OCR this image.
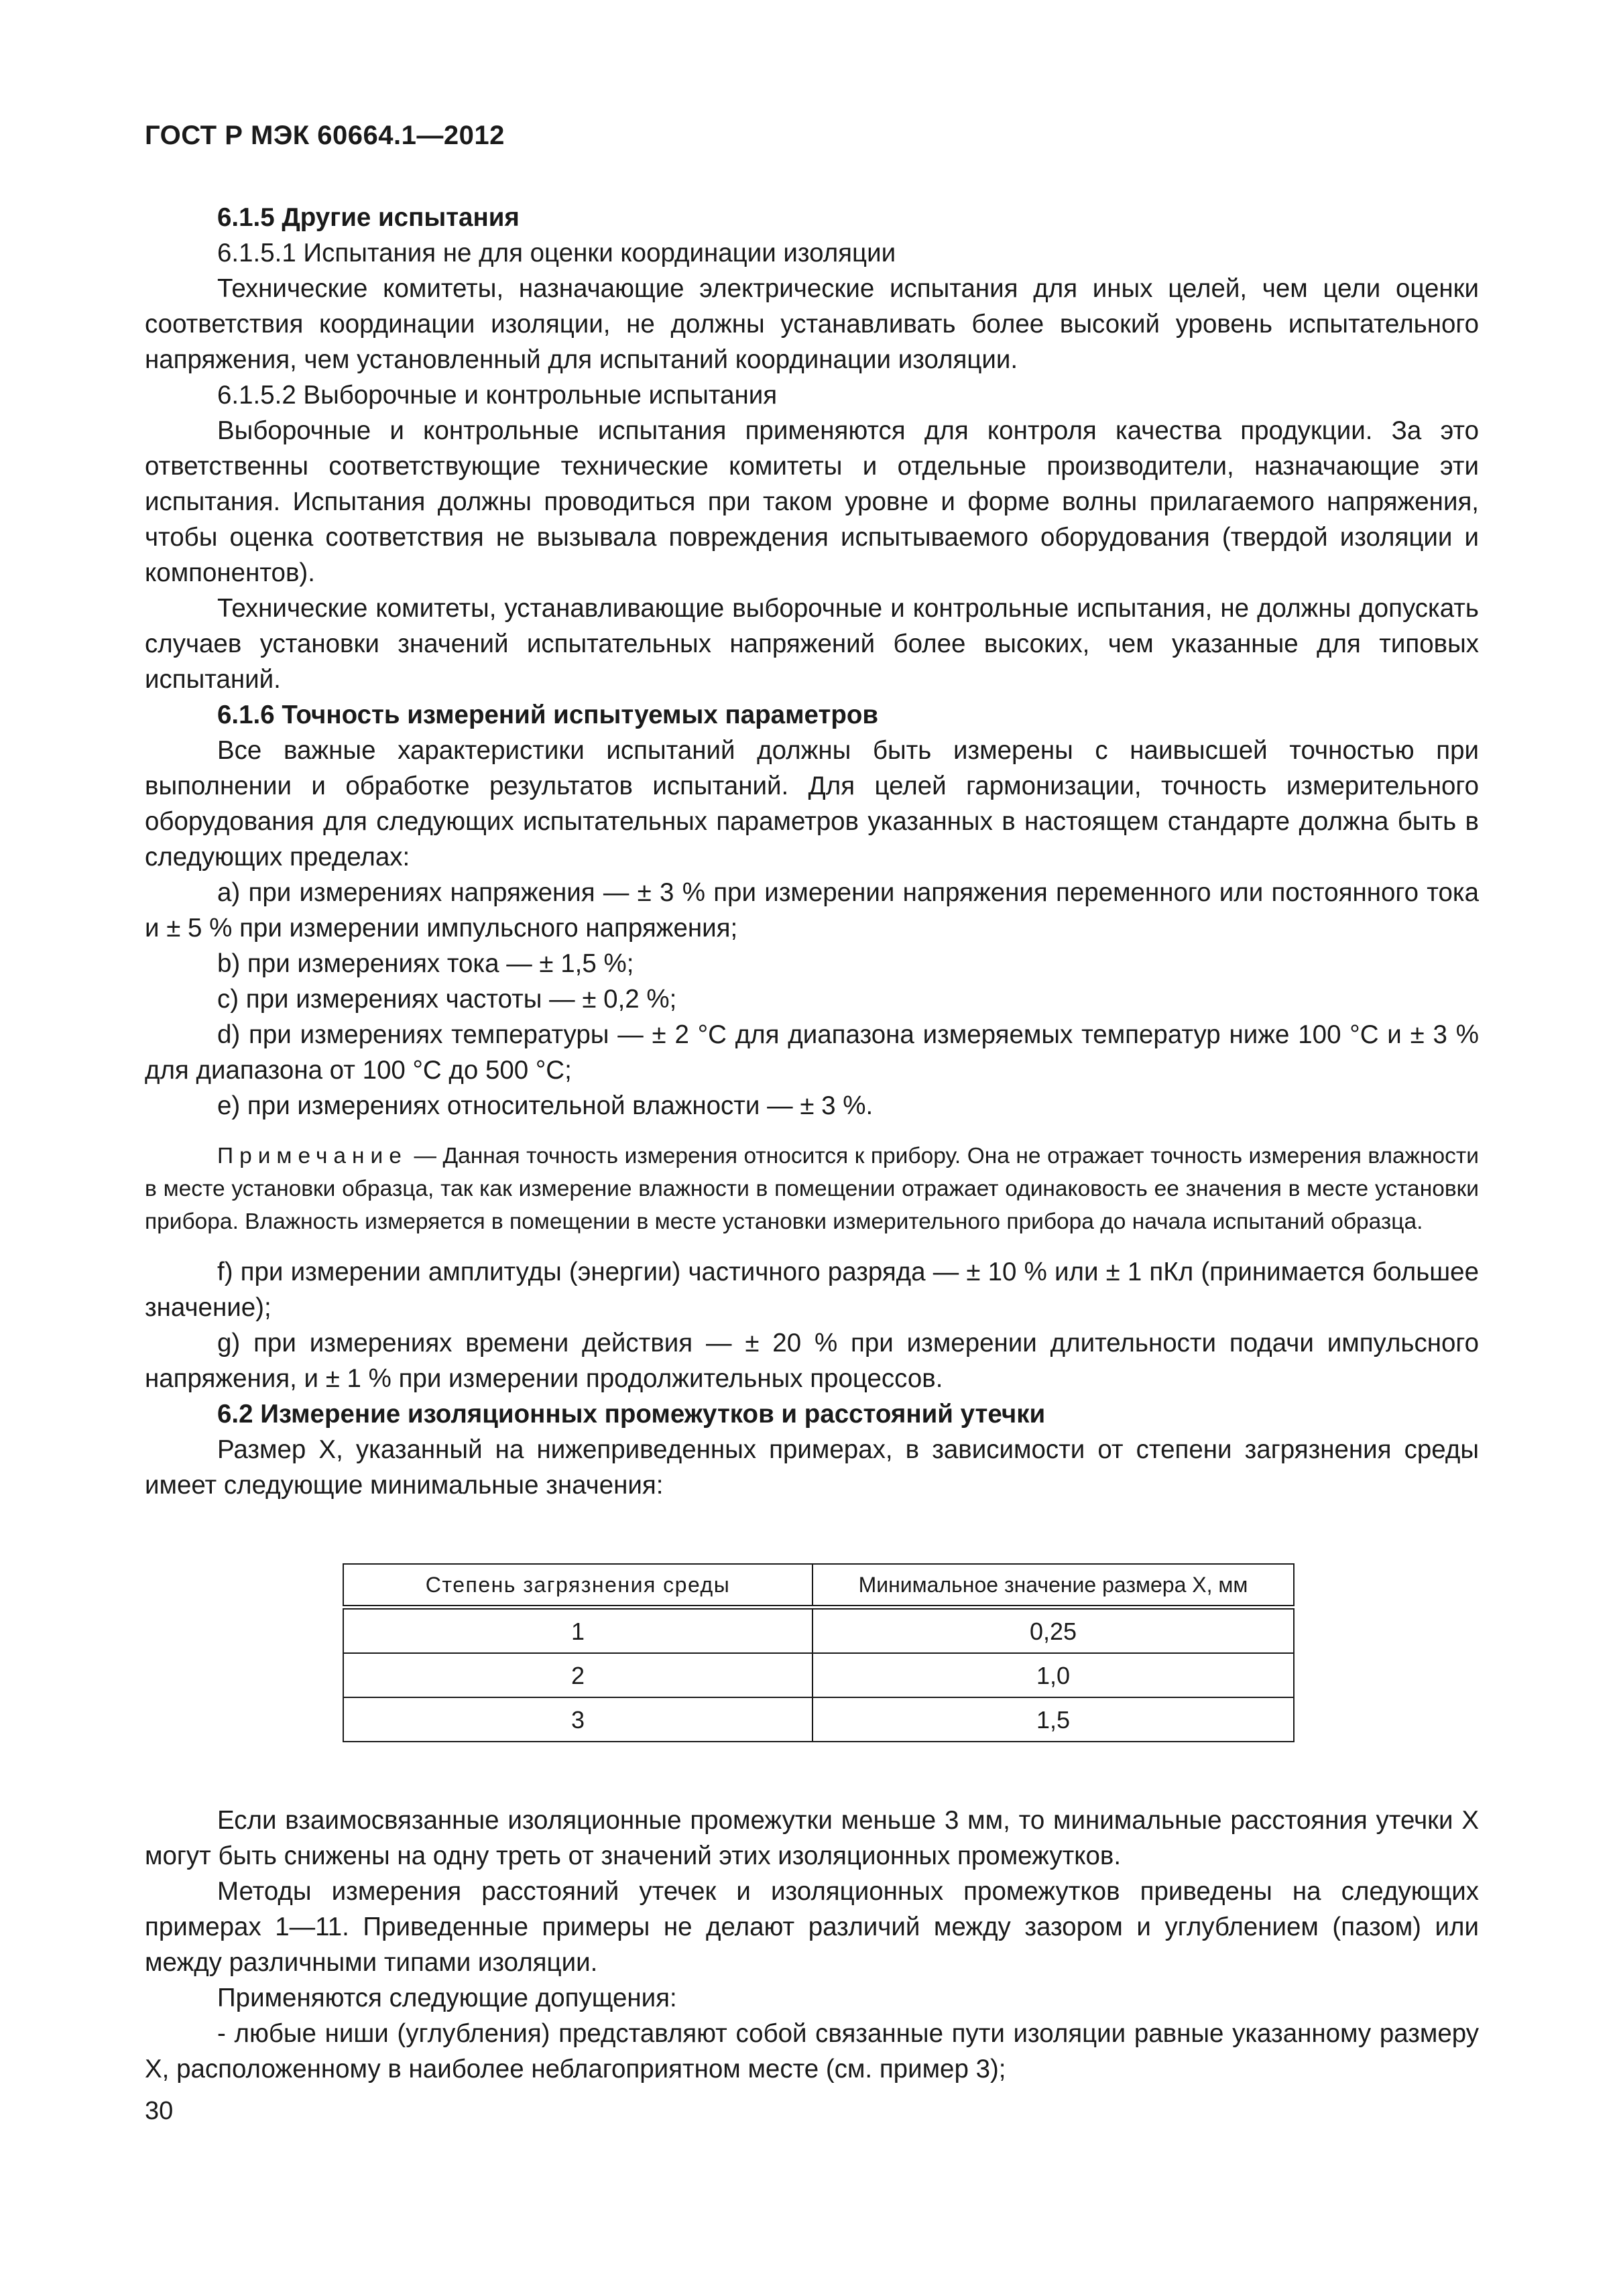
ГОСТ Р МЭК 60664.1—2012

6.1.5 Другие испытания

6.1.5.1 Испытания не для оценки координации изоляции

Технические комитеты, назначающие электрические испытания для иных целей, чем цели оценки соответствия координации изоляции, не должны устанавливать более высокий уровень испытательного напряжения, чем установленный для испытаний координации изоляции.

6.1.5.2 Выборочные и контрольные испытания

Выборочные и контрольные испытания применяются для контроля качества продукции. За это ответственны соответствующие технические комитеты и отдельные производители, назначающие эти испытания. Испытания должны проводиться при таком уровне и форме волны прилагаемого напряжения, чтобы оценка соответствия не вызывала повреждения испытываемого оборудования (твердой изоляции и компонентов).

Технические комитеты, устанавливающие выборочные и контрольные испытания, не должны допускать случаев установки значений испытательных напряжений более высоких, чем указанные для типовых испытаний.

6.1.6 Точность измерений испытуемых параметров

Все важные характеристики испытаний должны быть измерены с наивысшей точностью при выполнении и обработке результатов испытаний. Для целей гармонизации, точность измерительного оборудования для следующих испытательных параметров указанных в настоящем стандарте должна быть в следующих пределах:

a) при измерениях напряжения — ± 3 % при измерении напряжения переменного или постоянного тока и ± 5 % при измерении импульсного напряжения;

b) при измерениях тока — ± 1,5 %;

c) при измерениях частоты — ± 0,2 %;

d) при измерениях температуры — ± 2 °С для диапазона измеряемых температур ниже 100 °С и ± 3 % для диапазона от 100 °С до 500 °С;

e) при измерениях относительной влажности — ± 3 %.

Примечание — Данная точность измерения относится к прибору. Она не отражает точность измерения влажности в месте установки образца, так как измерение влажности в помещении отражает одинаковость ее значения в месте установки прибора. Влажность измеряется в помещении в месте установки измерительного прибора до начала испытаний образца.

f) при измерении амплитуды (энергии) частичного разряда — ± 10 % или ± 1 пКл (принимается большее значение);

g) при измерениях времени действия — ± 20 % при измерении длительности подачи импульсного напряжения, и ± 1 % при измерении продолжительных процессов.

6.2 Измерение изоляционных промежутков и расстояний утечки

Размер X, указанный на нижеприведенных примерах, в зависимости от степени загрязнения среды имеет следующие минимальные значения:

Степень загрязнения среды	Минимальное значение размера X, мм
1	0,25
2	1,0
3	1,5

Если взаимосвязанные изоляционные промежутки меньше 3 мм, то минимальные расстояния утечки X могут быть снижены на одну треть от значений этих изоляционных промежутков.

Методы измерения расстояний утечек и изоляционных промежутков приведены на следующих примерах 1—11. Приведенные примеры не делают различий между зазором и углублением (пазом) или между различными типами изоляции.

Применяются следующие допущения:

- любые ниши (углубления) представляют собой связанные пути изоляции равные указанному размеру X, расположенному в наиболее неблагоприятном месте (см. пример 3);

30
